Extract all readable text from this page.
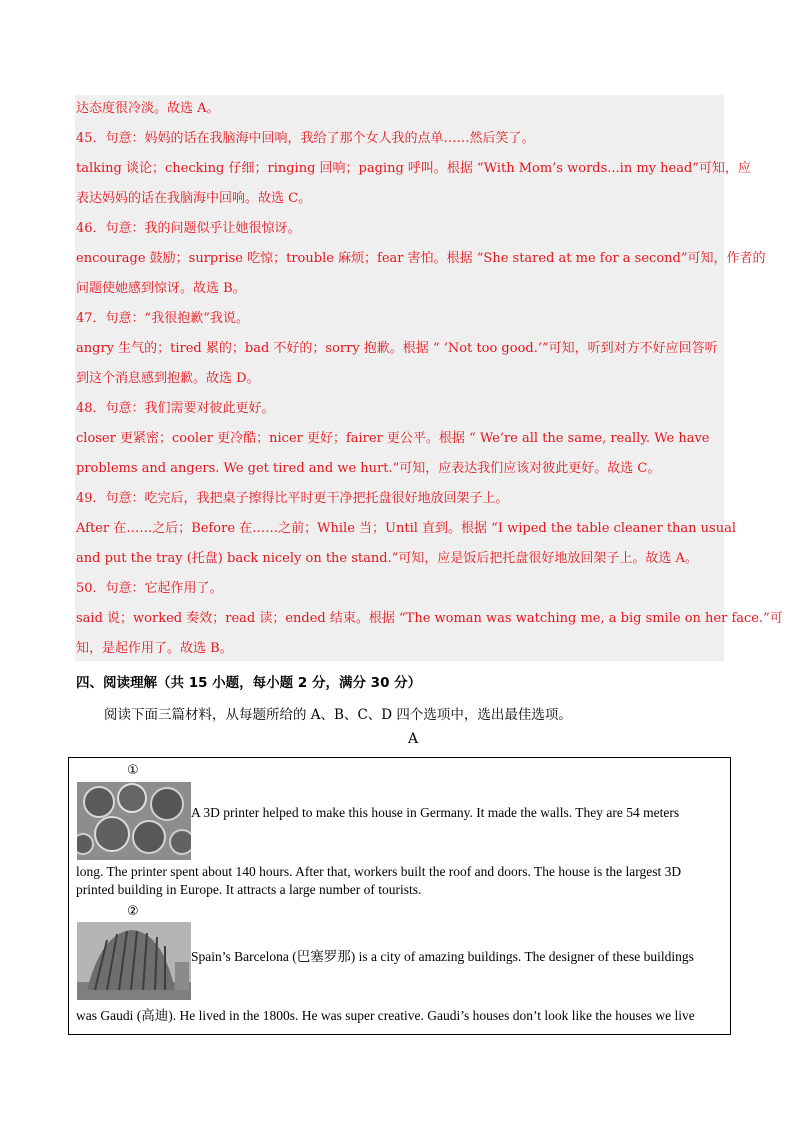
达态度很冷淡。故选 A。
45．句意：妈妈的话在我脑海中回响，我给了那个女人我的点单……然后笑了。
talking 谈论；checking 仔细；ringing 回响；paging 呼叫。根据 “With Mom’s words...in my head”可知，应
表达妈妈的话在我脑海中回响。故选 C。
46．句意：我的问题似乎让她很惊讶。
encourage 鼓励；surprise 吃惊；trouble 麻烦；fear 害怕。根据 “She stared at me for a second”可知，作者的
问题使她感到惊讶。故选 B。
47．句意：“我很抱歉”我说。
angry 生气的；tired 累的；bad 不好的；sorry 抱歉。根据 “ ‘Not too good.’”可知，听到对方不好应回答听
到这个消息感到抱歉。故选 D。
48．句意：我们需要对彼此更好。
closer 更紧密；cooler 更冷酷；nicer 更好；fairer 更公平。根据 “ We’re all the same, really. We have
problems and angers. We get tired and we hurt.”可知，应表达我们应该对彼此更好。故选 C。
49．句意：吃完后，我把桌子擦得比平时更干净把托盘很好地放回架子上。
After 在……之后；Before 在……之前；While 当；Until 直到。根据 “I wiped the table cleaner than usual
and put the tray (托盘) back nicely on the stand.”可知，应是饭后把托盘很好地放回架子上。故选 A。
50．句意：它起作用了。
said 说；worked 奏效；read 读；ended 结束。根据 “The woman was watching me, a big smile on her face.”可
知，是起作用了。故选 B。
四、阅读理解（共 15 小题，每小题 2 分，满分 30 分）
阅读下面三篇材料，从每题所给的 A、B、C、D 四个选项中，选出最佳选项。
A
①
A 3D printer helped to make this house in Germany. It made the walls. They are 54 meters
long. The printer spent about 140 hours. After that, workers built the roof and doors. The house is the largest 3D
printed building in Europe. It attracts a large number of tourists.
②
Spain’s Barcelona (巴塞罗那) is a city of amazing buildings. The designer of these buildings
was Gaudi (高迪). He lived in the 1800s. He was super creative. Gaudi’s houses don’t look like the houses we live
